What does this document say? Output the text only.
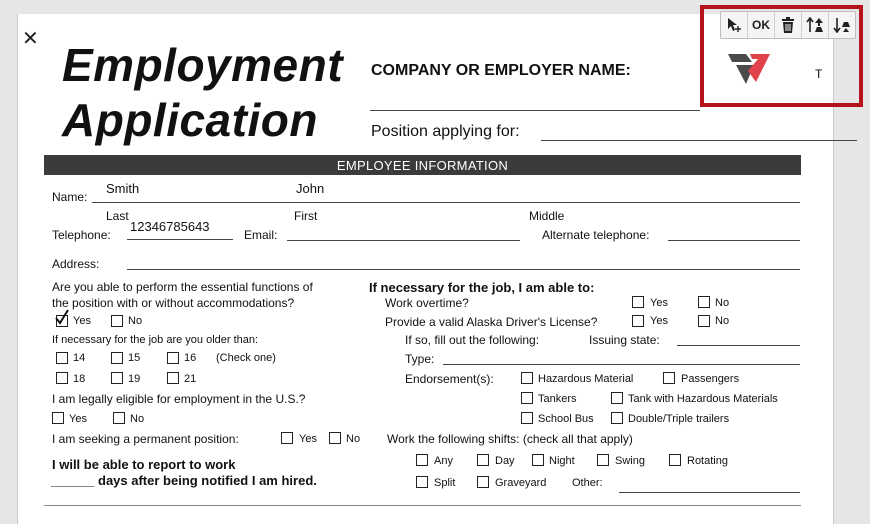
✕ Employment
Application
COMPANY OR EMPLOYER NAME:
Position applying for:
T
OK
EMPLOYEE INFORMATION
Name:
Smith	John
Last	First	Middle
Telephone:
12346785643
Email:	Alternate telephone:
Address:
Are you able to perform the essential functions of
the position with or without accommodations?
Yes	No
If necessary for the job are you older than:
14	15	16 (Check one)
18	19	21
I am legally eligible for employment in the U.S.?
Yes	No
I am seeking a permanent position:	Yes	No
I will be able to report to work
______ days after being notified I am hired.
If necessary for the job, I am able to:
Work overtime?	Yes	No
Provide a valid Alaska Driver's License?	Yes	No
If so, fill out the following:	Issuing state:
Type:
Endorsement(s):	Hazardous Material	Passengers
Tankers	Tank with Hazardous Materials
School Bus	Double/Triple trailers
Work the following shifts: (check all that apply)
Any	Day	Night	Swing	Rotating
Split	Graveyard Other:
